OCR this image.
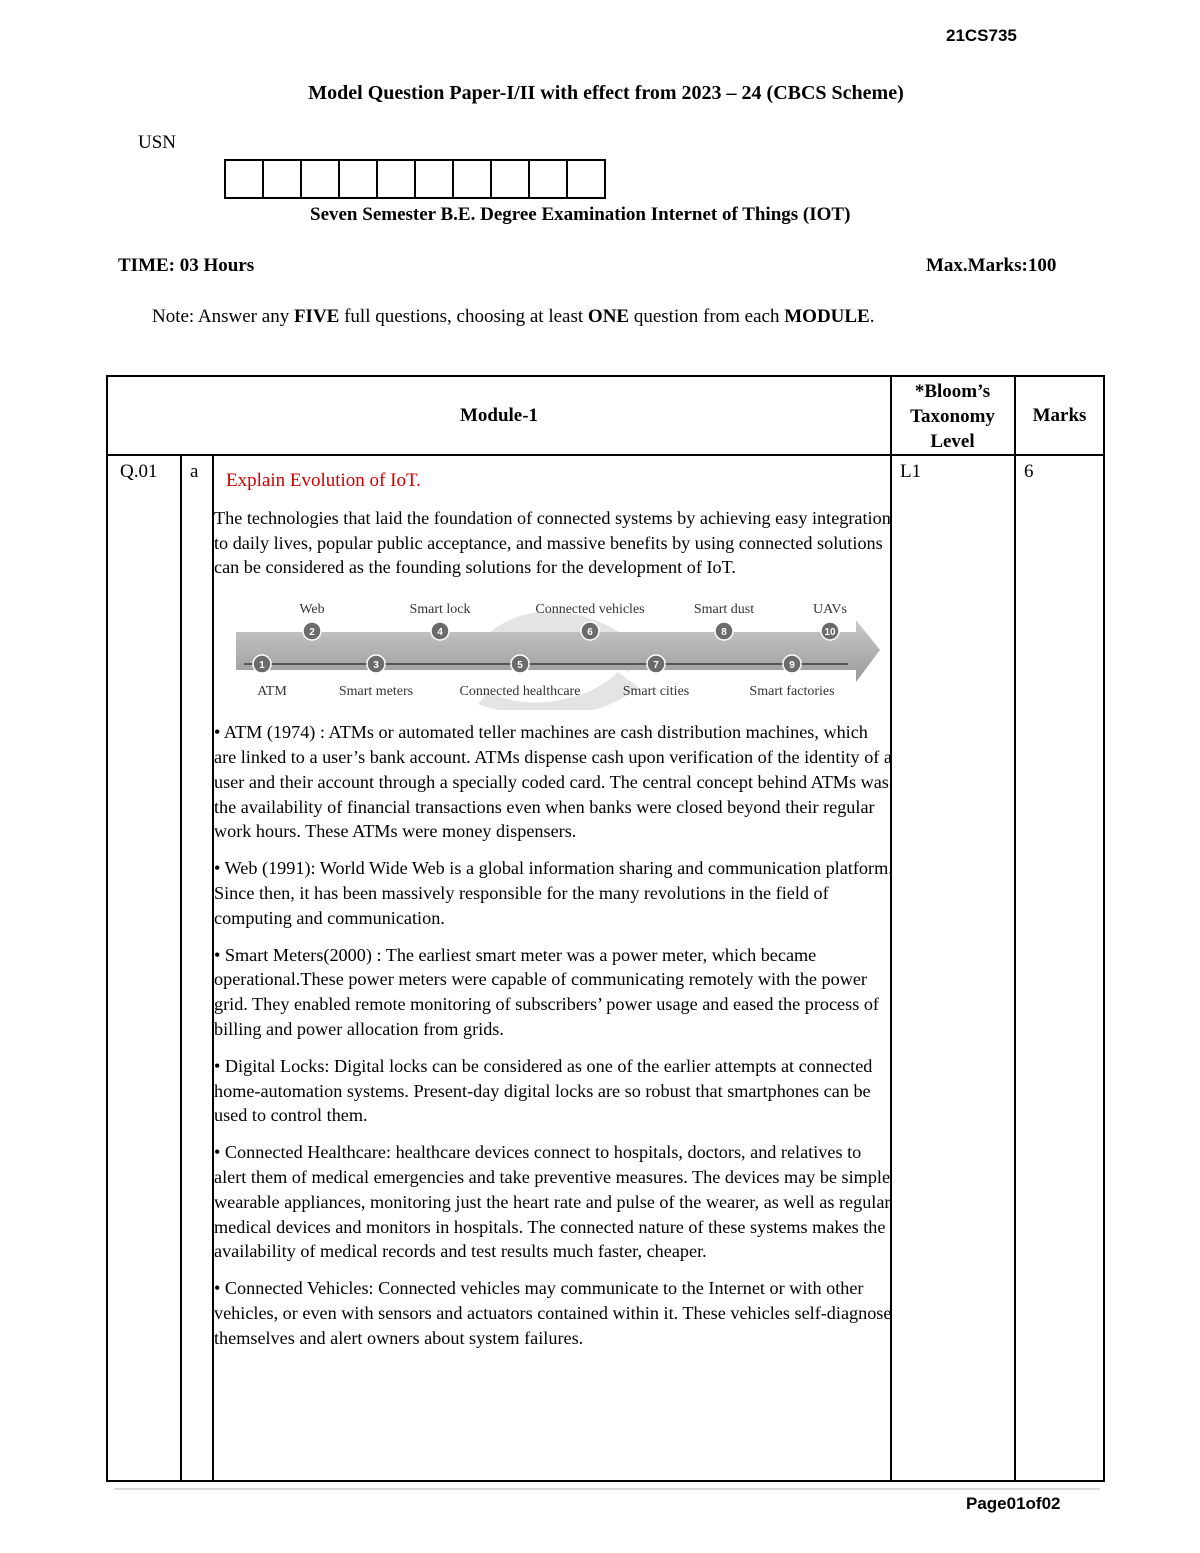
21CS735
Model Question Paper-I/II with effect from 2023 – 24 (CBCS Scheme)
USN
Seven Semester B.E. Degree Examination Internet of Things (IOT)
TIME: 03 Hours	Max.Marks:100
Note: Answer any FIVE full questions, choosing at least ONE question from each MODULE.
Module-1
*Bloom’s Taxonomy Level
Marks
Q.01 a	L1	6
Explain Evolution of IoT.
The technologies that laid the foundation of connected systems by achieving easy integration to daily lives, popular public acceptance, and massive benefits by using connected solutions can be considered as the founding solutions for the development of IoT.
2	4	6	8	10
1	3	5	7	9
Web	Smart lock	Connected vehicles	Smart dust	UAVs
ATM	Smart meters	Connected healthcare	Smart cities	Smart factories
• ATM (1974) : ATMs or automated teller machines are cash distribution machines, which are linked to a user’s bank account. ATMs dispense cash upon verification of the identity of a user and their account through a specially coded card. The central concept behind ATMs was the availability of financial transactions even when banks were closed beyond their regular work hours. These ATMs were money dispensers.
• Web (1991): World Wide Web is a global information sharing and communication platform. Since then, it has been massively responsible for the many revolutions in the field of computing and communication.
• Smart Meters(2000) : The earliest smart meter was a power meter, which became operational.These power meters were capable of communicating remotely with the power grid. They enabled remote monitoring of subscribers’ power usage and eased the process of billing and power allocation from grids.
• Digital Locks: Digital locks can be considered as one of the earlier attempts at connected home-automation systems. Present-day digital locks are so robust that smartphones can be used to control them.
• Connected Healthcare: healthcare devices connect to hospitals, doctors, and relatives to alert them of medical emergencies and take preventive measures. The devices may be simple wearable appliances, monitoring just the heart rate and pulse of the wearer, as well as regular medical devices and monitors in hospitals. The connected nature of these systems makes the availability of medical records and test results much faster, cheaper.
• Connected Vehicles: Connected vehicles may communicate to the Internet or with other vehicles, or even with sensors and actuators contained within it. These vehicles self-diagnose themselves and alert owners about system failures.
Page01of02
